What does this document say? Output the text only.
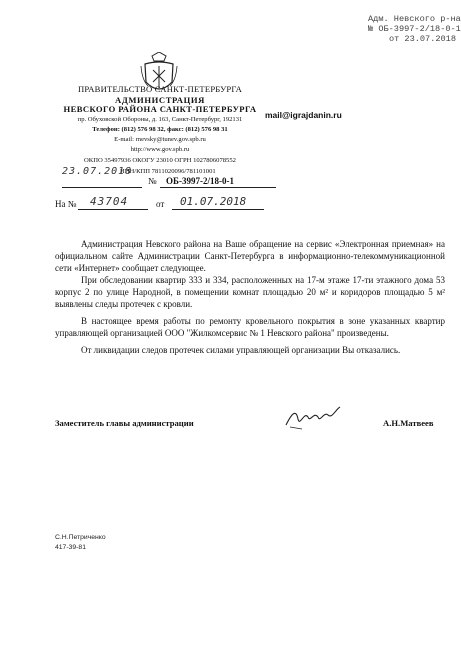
Адм. Невского р-на
№ ОБ-3997-2/18-0-1
от 23.07.2018
ПРАВИТЕЛЬСТВО САНКТ-ПЕТЕРБУРГА
АДМИНИСТРАЦИЯ
НЕВСКОГО РАЙОНА САНКТ-ПЕТЕРБУРГА
пр. Обуховской Обороны, д. 163, Санкт-Петербург, 192131
Телефон: (812) 576 98 32, факс: (812) 576 98 31
E-mail: rnevsky@tunev.gov.spb.ru
http://www.gov.spb.ru
ОКПО 35497936 ОКОГУ 23010 ОГРН 1027806078552
23.07.2018
ИНН/КПП 7811020096/781101001
mail@igrajdanin.ru
№ ОБ-3997-2/18-0-1
На № 43704	от 01.07.2018

Администрация Невского района на Ваше обращение на сервис «Электронная приемная» на официальном сайте Администрации Санкт-Петербурга в информационно-телекоммуникационной сети «Интернет» сообщает следующее.

При обследовании квартир 333 и 334, расположенных на 17-м этаже 17-ти этажного дома 53 корпус 2 по улице Народной, в помещении комнат площадью 20 м² и коридоров площадью 5 м² выявлены следы протечек с кровли.

В настоящее время работы по ремонту кровельного покрытия в зоне указанных квартир управляющей организацией ООО "Жилкомсервис № 1 Невского района" произведены.

От ликвидации следов протечек силами управляющей организации Вы отказались.

Заместитель главы администрации	А.Н.Матвеев
С.Н.Петриченко
417-39-81
